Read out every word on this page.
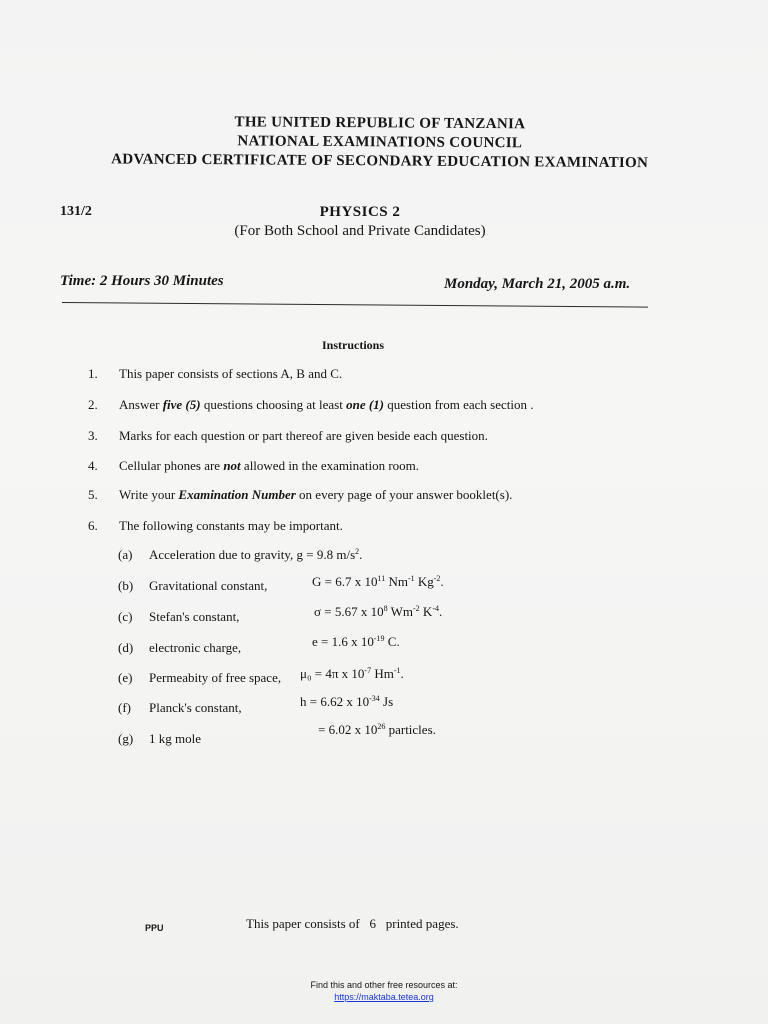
THE UNITED REPUBLIC OF TANZANIA
NATIONAL EXAMINATIONS COUNCIL
ADVANCED CERTIFICATE OF SECONDARY EDUCATION EXAMINATION
131/2	PHYSICS 2
(For Both School and Private Candidates)
Time: 2 Hours 30 Minutes	Monday, March 21, 2005 a.m.
Instructions
1. This paper consists of sections A, B and C.
2. Answer five (5) questions choosing at least one (1) question from each section .
3. Marks for each question or part thereof are given beside each question.
4. Cellular phones are not allowed in the examination room.
5. Write your Examination Number on every page of your answer booklet(s).
6. The following constants may be important.
(a) Acceleration due to gravity, g = 9.8 $m/s^2$.
(b) Gravitational constant,	G = 6.7 x $10^{11}$ $Nm^{-1}$ $Kg^{-2}$.
(c) Stefan's constant,	σ = 5.67 x $10^8$ $Wm^{-2}$ $K^{-4}$.
(d) electronic charge,	e = 1.6 x $10^{-19}$ C.
(e) Permeabity of free space, μ₀ = 4π x $10^{-7}$ $Hm^{-1}$.
(f) Planck's constant,	h = 6.62 x $10^{-34}$ Js
(g) 1 kg mole
= 6.02 x $10^{26}$ particles.
PPU	This paper consists of 6 printed pages.
Find this and other free resources at:
https://maktaba.tetea.org
